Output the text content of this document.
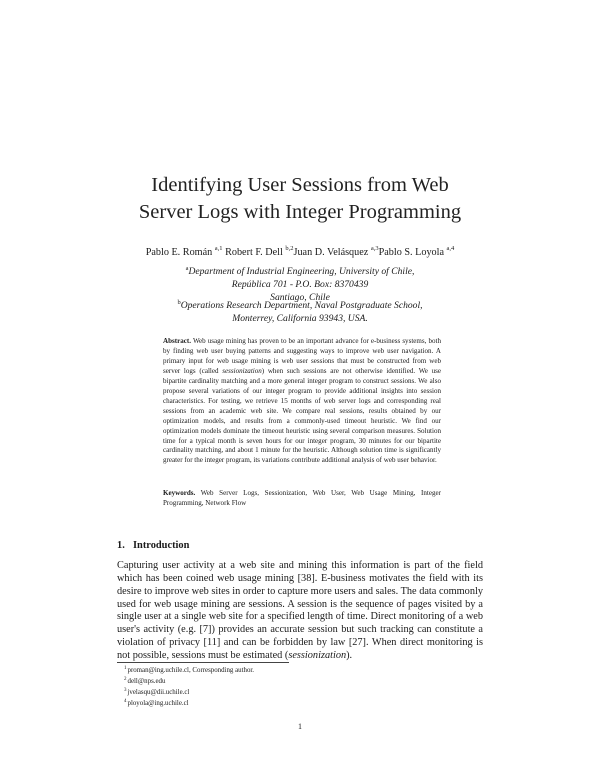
Identifying User Sessions from Web
Server Logs with Integer Programming
Pablo E. Román $^{a,1}$ Robert F. Dell $^{b,2}$Juan D. Velásquez $^{a,3}$Pablo S. Loyola $^{a,4}$
$^a$Department of Industrial Engineering, University of Chile,
República 701 - P.O. Box: 8370439
Santiago, Chile
$^b$Operations Research Department, Naval Postgraduate School,
Monterrey, California 93943, USA.
Abstract. Web usage mining has proven to be an important advance for e-business systems, both by finding web user buying patterns and suggesting ways to improve web user navigation. A primary input for web usage mining is web user sessions that must be constructed from web server logs (called sessionization) when such sessions are not otherwise identified. We use bipartite cardinality matching and a more general integer program to construct sessions. We also propose several variations of our integer program to provide additional insights into session characteristics. For testing, we retrieve 15 months of web server logs and corresponding real sessions from an academic web site. We compare real sessions, results obtained by our optimization models, and results from a commonly-used timeout heuristic. We find our optimization models dominate the timeout heuristic using several comparison measures. Solution time for a typical month is seven hours for our integer program, 30 minutes for our bipartite cardinality matching, and about 1 minute for the heuristic. Although solution time is significantly greater for the integer program, its variations contribute additional analysis of web user behavior.
Keywords. Web Server Logs, Sessionization, Web User, Web Usage Mining, Integer Programming, Network Flow
1. Introduction
Capturing user activity at a web site and mining this information is part of the field which has been coined web usage mining [38]. E-business motivates the field with its desire to improve web sites in order to capture more users and sales. The data commonly used for web usage mining are sessions. A session is the sequence of pages visited by a single user at a single web site for a specified length of time. Direct monitoring of a web user's activity (e.g. [7]) provides an accurate session but such tracking can constitute a violation of privacy [11] and can be forbidden by law [27]. When direct monitoring is not possible, sessions must be estimated (sessionization).
$^1$proman@ing.uchile.cl, Corresponding author.
$^2$dell@nps.edu
$^3$jvelasqu@dii.uchile.cl
$^4$ployola@ing.uchile.cl
1
